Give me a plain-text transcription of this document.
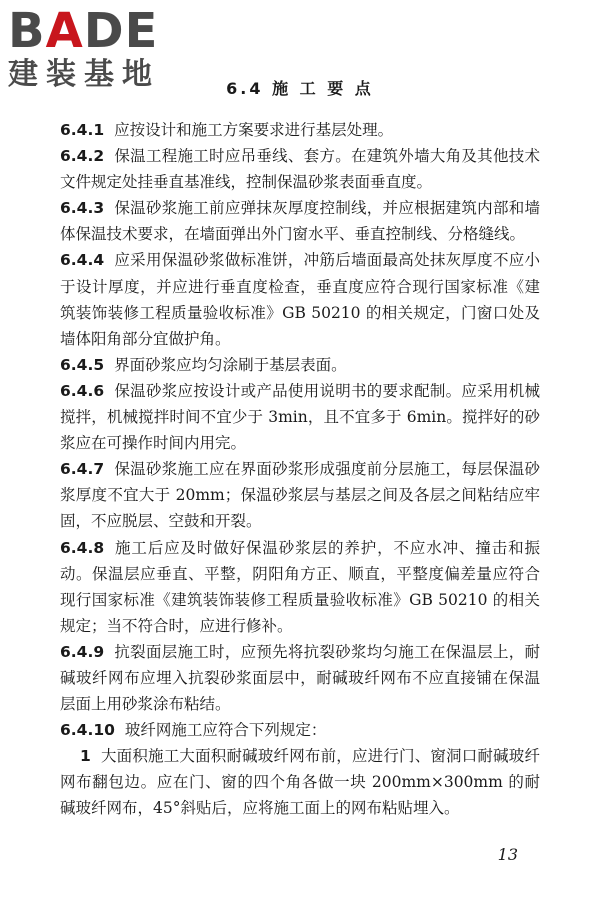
BADE
建装基地	6.4 施 工 要 点

6.4.1 应按设计和施工方案要求进行基层处理。

6.4.2 保温工程施工时应吊垂线、套方。在建筑外墙大角及其他技术文件规定处挂垂直基准线，控制保温砂浆表面垂直度。

6.4.3 保温砂浆施工前应弹抹灰厚度控制线，并应根据建筑内部和墙体保温技术要求，在墙面弹出外门窗水平、垂直控制线、分格缝线。

6.4.4 应采用保温砂浆做标准饼，冲筋后墙面最高处抹灰厚度不应小于设计厚度，并应进行垂直度检查，垂直度应符合现行国家标准《建筑装饰装修工程质量验收标准》GB 50210 的相关规定，门窗口处及墙体阳角部分宜做护角。

6.4.5 界面砂浆应均匀涂刷于基层表面。

6.4.6 保温砂浆应按设计或产品使用说明书的要求配制。应采用机械搅拌，机械搅拌时间不宜少于 3min，且不宜多于 6min。搅拌好的砂浆应在可操作时间内用完。

6.4.7 保温砂浆施工应在界面砂浆形成强度前分层施工，每层保温砂浆厚度不宜大于 20mm；保温砂浆层与基层之间及各层之间粘结应牢固，不应脱层、空鼓和开裂。

6.4.8 施工后应及时做好保温砂浆层的养护，不应水冲、撞击和振动。保温层应垂直、平整，阴阳角方正、顺直，平整度偏差量应符合现行国家标准《建筑装饰装修工程质量验收标准》GB 50210 的相关规定；当不符合时，应进行修补。

6.4.9 抗裂面层施工时，应预先将抗裂砂浆均匀施工在保温层上，耐碱玻纤网布应埋入抗裂砂浆面层中，耐碱玻纤网布不应直接铺在保温层面上用砂浆涂布粘结。

6.4.10 玻纤网施工应符合下列规定：

1 大面积施工大面积耐碱玻纤网布前，应进行门、窗洞口耐碱玻纤网布翻包边。应在门、窗的四个角各做一块 200mm×300mm 的耐碱玻纤网布，45°斜贴后，应将施工面上的网布粘贴埋入。

13
